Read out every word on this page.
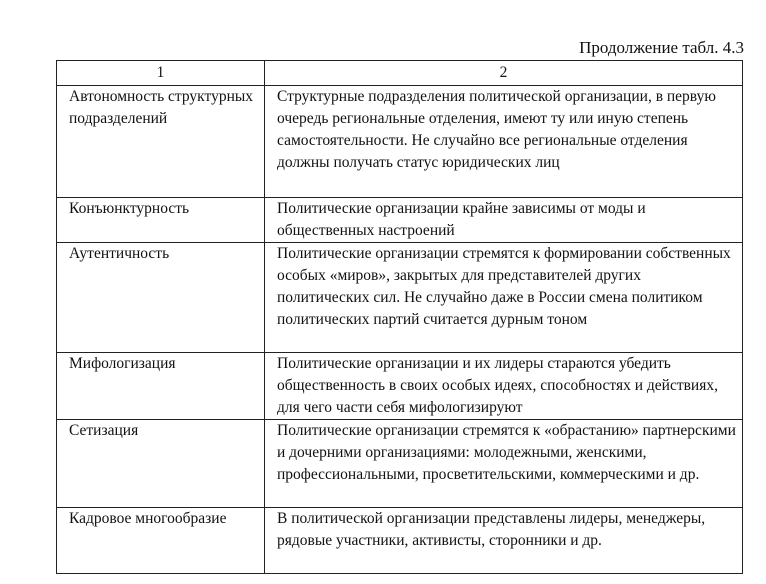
Продолжение табл. 4.3
1	2
Автономность структурных подразделений	Структурные подразделения политической организации, в первую очередь региональные отделения, имеют ту или иную степень самостоятельности. Не случайно все региональные отделения должны получать статус юридических лиц
Конъюнктурность	Политические организации крайне зависимы от моды и общественных настроений
Аутентичность	Политические организации стремятся к формировании собственных особых «миров», закрытых для представителей других политических сил. Не случайно даже в России смена политиком политических партий считается дурным тоном
Мифологизация	Политические организации и их лидеры стараются убедить общественность в своих особых идеях, способностях и действиях, для чего части себя мифологизируют
Сетизация	Политические организации стремятся к «обрастанию» партнерскими и дочерними организациями: молодежными, женскими, профессиональными, просветительскими, коммерческими и др.
Кадровое многообразие	В политической организации представлены лидеры, менеджеры, рядовые участники, активисты, сторонники и др.
